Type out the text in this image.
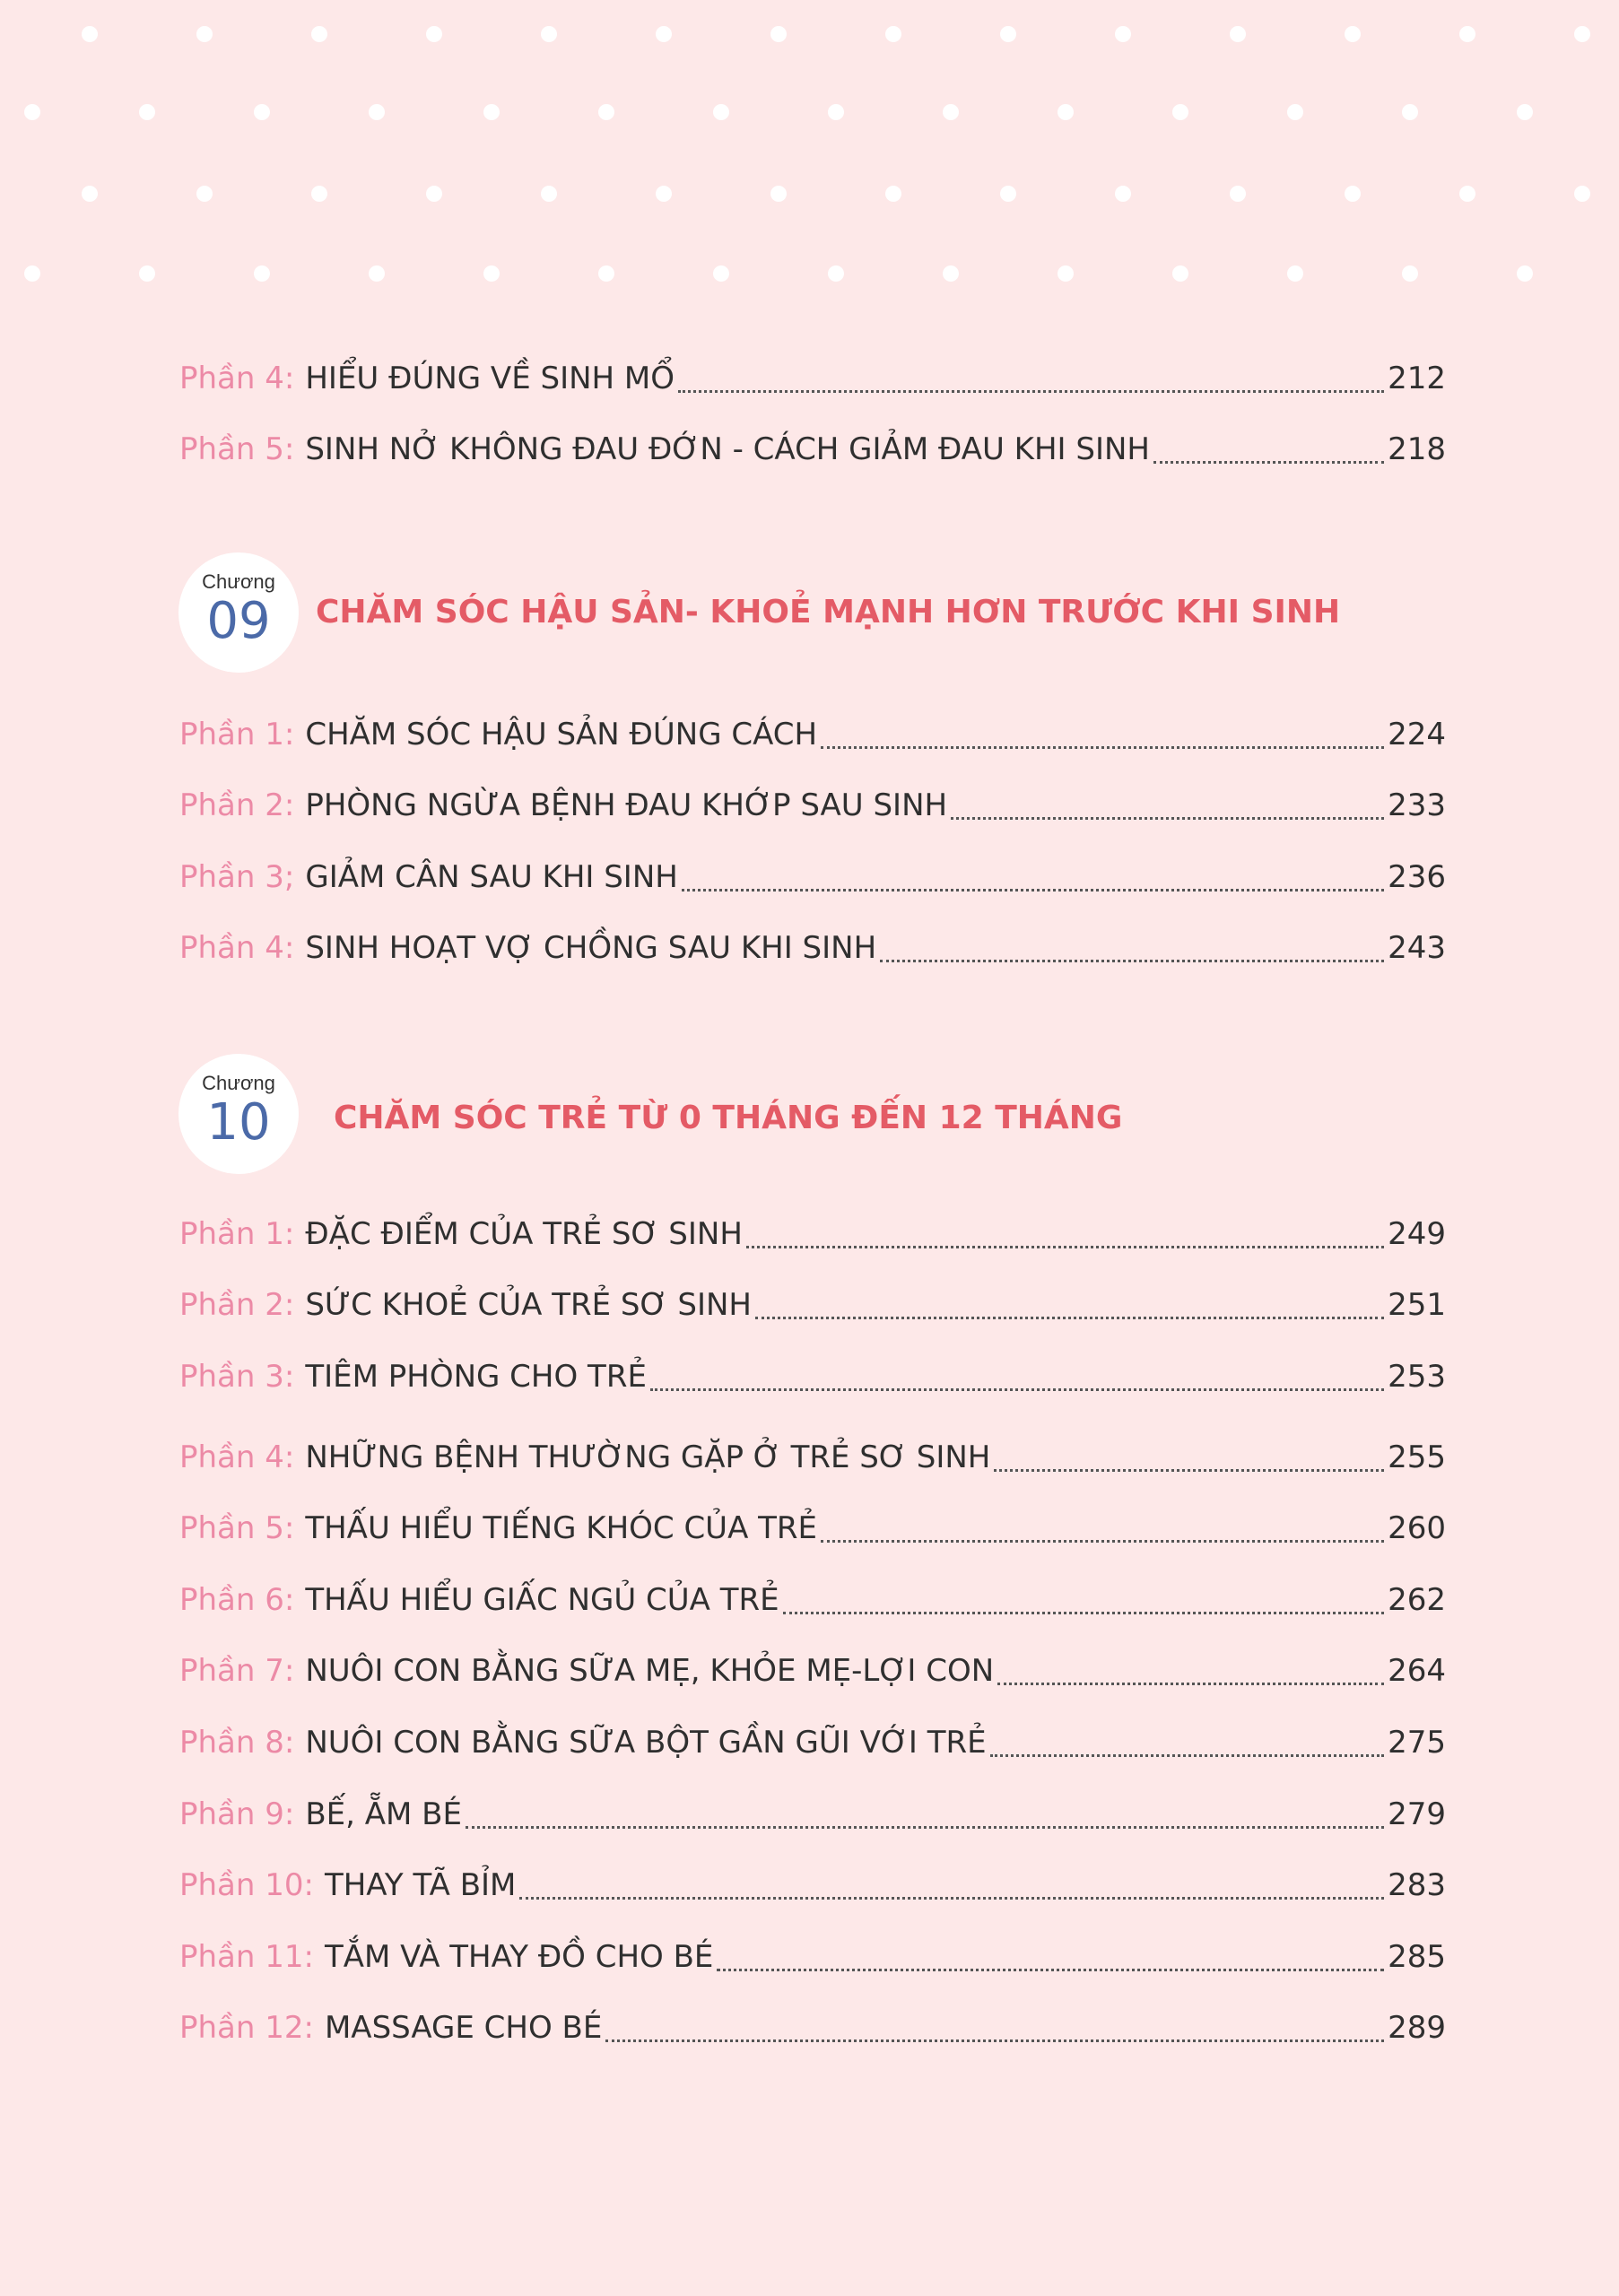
Phần 4: HIỂU ĐÚNG VỀ SINH MỔ	212
Phần 5: SINH NỞ KHÔNG ĐAU ĐỚN - CÁCH GIẢM ĐAU KHI SINH	218
Chương
09	CHĂM SÓC HẬU SẢN- KHOẺ MẠNH HƠN TRƯỚC KHI SINH
Phần 1: CHĂM SÓC HẬU SẢN ĐÚNG CÁCH	224
Phần 2: PHÒNG NGỪA BỆNH ĐAU KHỚP SAU SINH	233
Phần 3; GIẢM CÂN SAU KHI SINH	236
Phần 4: SINH HOẠT VỢ CHỒNG SAU KHI SINH	243
Chương
10	CHĂM SÓC TRẺ TỪ 0 THÁNG ĐẾN 12 THÁNG
Phần 1: ĐẶC ĐIỂM CỦA TRẺ SƠ SINH	249
Phần 2: SỨC KHOẺ CỦA TRẺ SƠ SINH	251
Phần 3: TIÊM PHÒNG CHO TRẺ	253
Phần 4: NHỮNG BỆNH THƯỜNG GẶP Ở TRẺ SƠ SINH	255
Phần 5: THẤU HIỂU TIẾNG KHÓC CỦA TRẺ	260
Phần 6: THẤU HIỂU GIẤC NGỦ CỦA TRẺ	262
Phần 7: NUÔI CON BẰNG SỮA MẸ, KHỎE MẸ-LỢI CON	264
Phần 8: NUÔI CON BẰNG SỮA BỘT GẦN GŨI VỚI TRẺ	275
Phần 9: BẾ, ẴM BÉ	279
Phần 10: THAY TÃ BỈM	283
Phần 11: TẮM VÀ THAY ĐỒ CHO BÉ	285
Phần 12: MASSAGE CHO BÉ	289
